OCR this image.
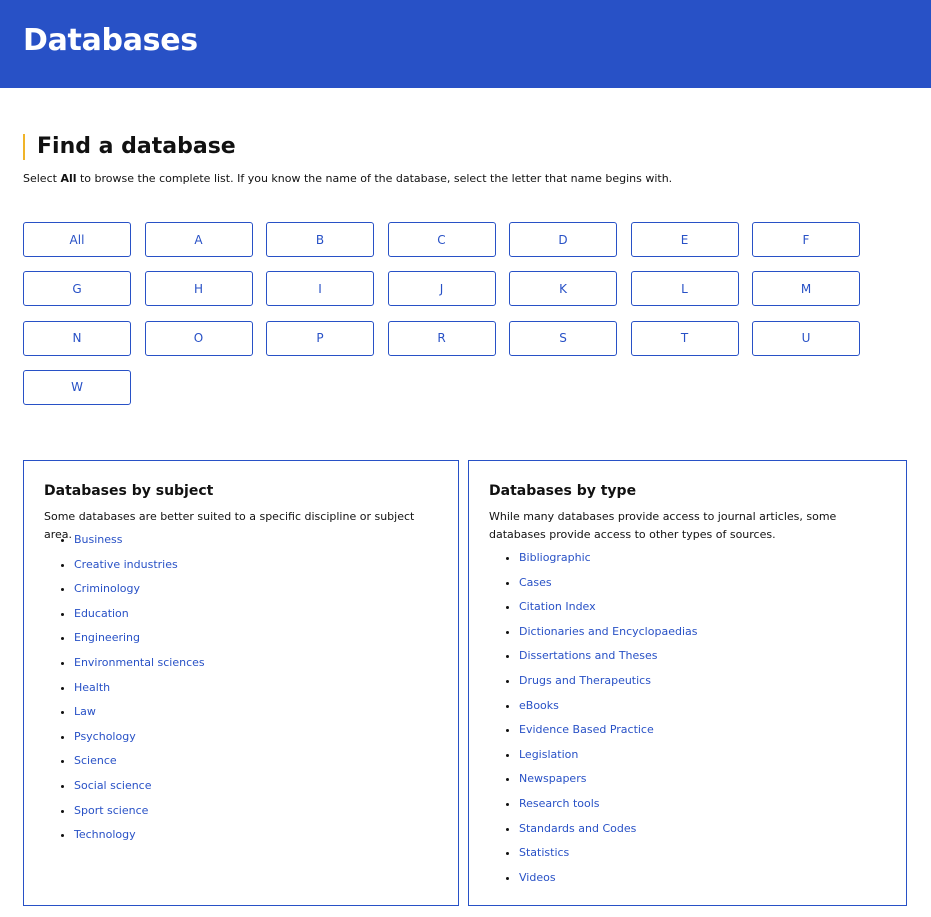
Databases
Find a database

Select All to browse the complete list. If you know the name of the database, select the letter that name begins with.

All	A	B	C	D	E	F
G	H	I	J	K	L	M
N	O	P	R	S	T	U
W
Databases by subject

Some databases are better suited to a specific discipline or subject area.

• Business
• Creative industries
• Criminology
• Education
• Engineering
• Environmental sciences
• Health
• Law
• Psychology
• Science
• Social science
• Sport science
• Technology
Databases by type

While many databases provide access to journal articles, some databases provide access to other types of sources.

• Bibliographic
• Cases
• Citation Index
• Dictionaries and Encyclopaedias
• Dissertations and Theses
• Drugs and Therapeutics
• eBooks
• Evidence Based Practice
• Legislation
• Newspapers
• Research tools
• Standards and Codes
• Statistics
• Videos
